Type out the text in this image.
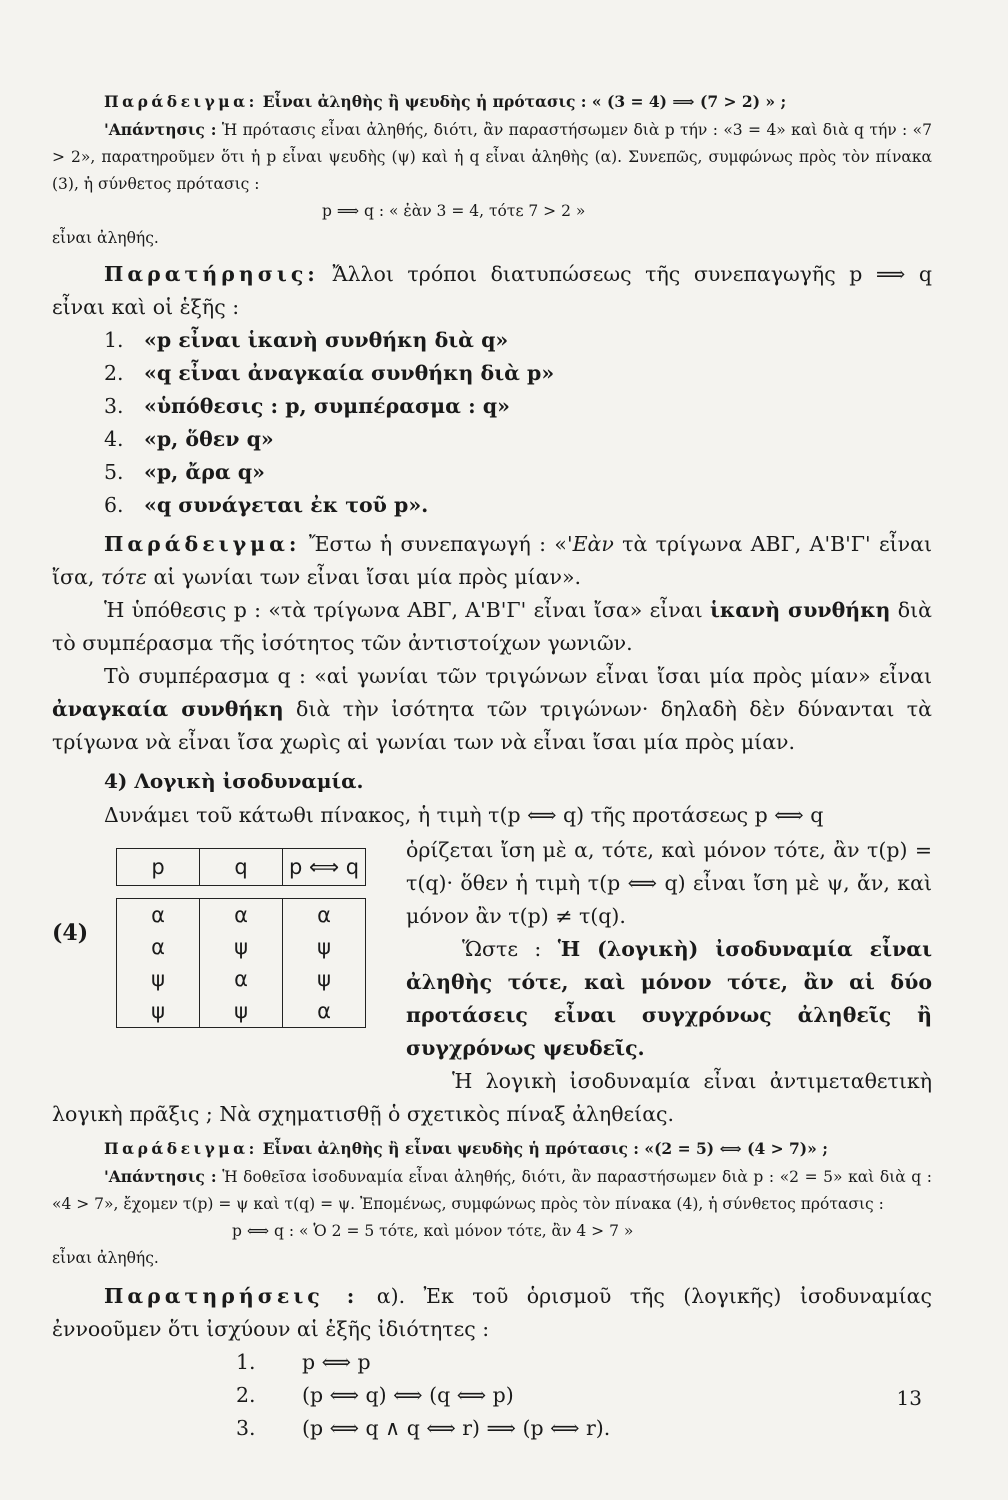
Παράδειγμα: Εἶναι ἀληθὴς ἢ ψευδὴς ἡ πρότασις : « (3 = 4) ⟹ (7 > 2) » ;

'Απάντησις : Ἡ πρότασις εἶναι ἀληθής, διότι, ἂν παραστήσωμεν διὰ p τήν : «3 = 4» καὶ διὰ q τήν : «7 > 2», παρατηροῦμεν ὅτι ἡ p εἶναι ψευδὴς (ψ) καὶ ἡ q εἶναι ἀληθὴς (α). Συνεπῶς, συμφώνως πρὸς τὸν πίνακα (3), ἡ σύνθετος πρότασις :

p ⟹ q : « ἐὰν 3 = 4, τότε 7 > 2 »

εἶναι ἀληθής.

Παρατήρησις: Ἄλλοι τρόποι διατυπώσεως τῆς συνεπαγωγῆς p ⟹ q εἶναι καὶ οἱ ἑξῆς :

1. «p εἶναι ἱκανὴ συνθήκη διὰ q»
2. «q εἶναι ἀναγκαία συνθήκη διὰ p»
3. «ὑπόθεσις : p, συμπέρασμα : q»
4. «p, ὅθεν q»
5. «p, ἄρα q»
6. «q συνάγεται ἐκ τοῦ p».

Παράδειγμα: Ἔστω ἡ συνεπαγωγή : «'Εὰν τὰ τρίγωνα ΑΒΓ, Α'Β'Γ' εἶναι ἴσα, τότε αἱ γωνίαι των εἶναι ἴσαι μία πρὸς μίαν».

Ἡ ὑπόθεσις p : «τὰ τρίγωνα ΑΒΓ, Α'Β'Γ' εἶναι ἴσα» εἶναι ἱκανὴ συνθήκη διὰ τὸ συμπέρασμα τῆς ἰσότητος τῶν ἀντιστοίχων γωνιῶν.

Τὸ συμπέρασμα q : «αἱ γωνίαι τῶν τριγώνων εἶναι ἴσαι μία πρὸς μίαν» εἶναι ἀναγκαία συνθήκη διὰ τὴν ἰσότητα τῶν τριγώνων· δηλαδὴ δὲν δύνανται τὰ τρίγωνα νὰ εἶναι ἴσα χωρὶς αἱ γωνίαι των νὰ εἶναι ἴσαι μία πρὸς μίαν.

4) Λογικὴ ἰσοδυναμία.

Δυνάμει τοῦ κάτωθι πίνακος, ἡ τιμὴ τ(p ⟺ q) τῆς προτάσεως p ⟺ q

(4)
p	q	p ⟺ q

α	α	α
α	ψ	ψ
ψ	α	ψ
ψ	ψ	α

ὁρίζεται ἴση μὲ α, τότε, καὶ μόνον τότε, ἂν τ(p) = τ(q)· ὅθεν ἡ τιμὴ τ(p ⟺ q) εἶναι ἴση μὲ ψ, ἄν, καὶ μόνον ἂν τ(p) ≠ τ(q).

Ὥστε : Ἡ (λογικὴ) ἰσοδυναμία εἶναι ἀληθὴς τότε, καὶ μόνον τότε, ἂν αἱ δύο προτάσεις εἶναι συγχρόνως ἀληθεῖς ἢ συγχρόνως ψευδεῖς.

Ἡ λογικὴ ἰσοδυναμία εἶναι ἀντιμεταθετικὴ λογικὴ πρᾶξις ; Νὰ σχηματισθῇ ὁ σχετικὸς πίναξ ἀληθείας.

Παράδειγμα: Εἶναι ἀληθὴς ἢ εἶναι ψευδὴς ἡ πρότασις : «(2 = 5) ⟺ (4 > 7)» ;

'Απάντησις : Ἡ δοθεῖσα ἰσοδυναμία εἶναι ἀληθής, διότι, ἂν παραστήσωμεν διὰ p : «2 = 5» καὶ διὰ q : «4 > 7», ἔχομεν τ(p) = ψ καὶ τ(q) = ψ. Ἐπομένως, συμφώνως πρὸς τὸν πίνακα (4), ἡ σύνθετος πρότασις :

p ⟺ q : « Ὁ 2 = 5 τότε, καὶ μόνον τότε, ἂν 4 > 7 »

εἶναι ἀληθής.

Παρατηρήσεις : α). Ἐκ τοῦ ὁρισμοῦ τῆς (λογικῆς) ἰσοδυναμίας ἐννοοῦμεν ὅτι ἰσχύουν αἱ ἑξῆς ἰδιότητες :

1.	p ⟺ p
2.	(p ⟺ q) ⟺ (q ⟺ p)
3.	(p ⟺ q ∧ q ⟺ r) ⟹ (p ⟺ r).
13
